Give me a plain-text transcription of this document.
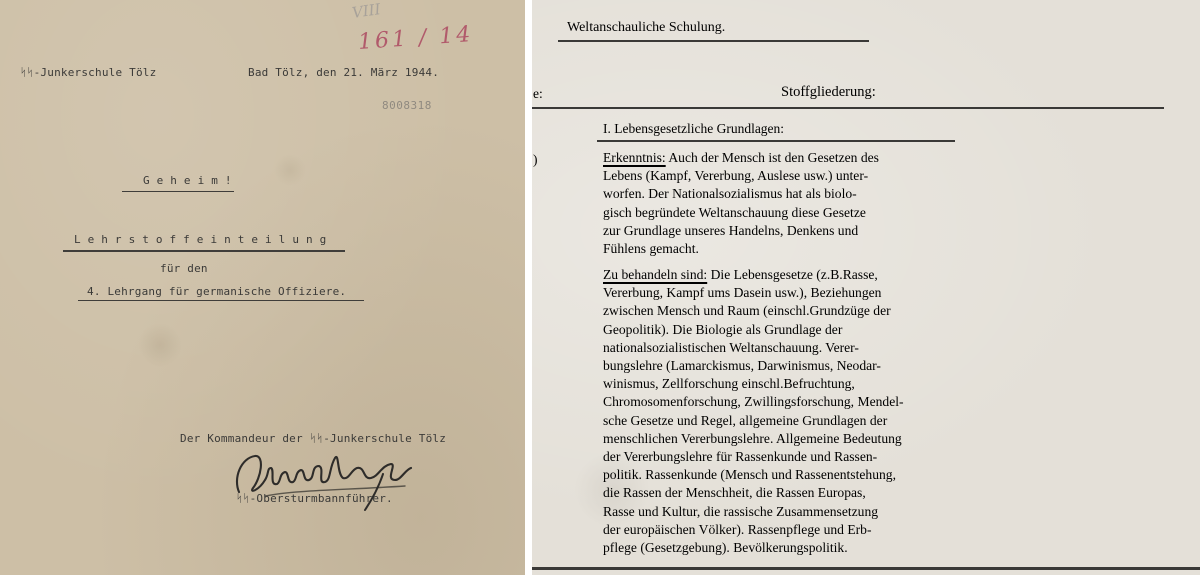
VIII
161 / 14
ᛋᛋ-Junkerschule Tölz	Bad Tölz, den 21. März 1944.
8008318
G e h e i m !
L e h r s t o f f e i n t e i l u n g
für den
4. Lehrgang für germanische Offiziere.
Der Kommandeur der ᛋᛋ-Junkerschule Tölz
ᛋᛋ-Obersturmbannführer.
Weltanschauliche Schulung.
e:	Stoffgliederung:
I. Lebensgesetzliche Grundlagen:
)	Erkenntnis: Auch der Mensch ist den Gesetzen des
Lebens (Kampf, Vererbung, Auslese usw.) unter-
worfen. Der Nationalsozialismus hat als biolo-
gisch begründete Weltanschauung diese Gesetze
zur Grundlage unseres Handelns, Denkens und
Fühlens gemacht.
Zu behandeln sind: Die Lebensgesetze (z.B.Rasse,
Vererbung, Kampf ums Dasein usw.), Beziehungen
zwischen Mensch und Raum (einschl.Grundzüge der
Geopolitik). Die Biologie als Grundlage der
nationalsozialistischen Weltanschauung. Verer-
bungslehre (Lamarckismus, Darwinismus, Neodar-
winismus, Zellforschung einschl.Befruchtung,
Chromosomenforschung, Zwillingsforschung, Mendel-
sche Gesetze und Regel, allgemeine Grundlagen der
menschlichen Vererbungslehre. Allgemeine Bedeutung
der Vererbungslehre für Rassenkunde und Rassen-
politik. Rassenkunde (Mensch und Rassenentstehung,
die Rassen der Menschheit, die Rassen Europas,
Rasse und Kultur, die rassische Zusammensetzung
der europäischen Völker). Rassenpflege und Erb-
pflege (Gesetzgebung). Bevölkerungspolitik.
